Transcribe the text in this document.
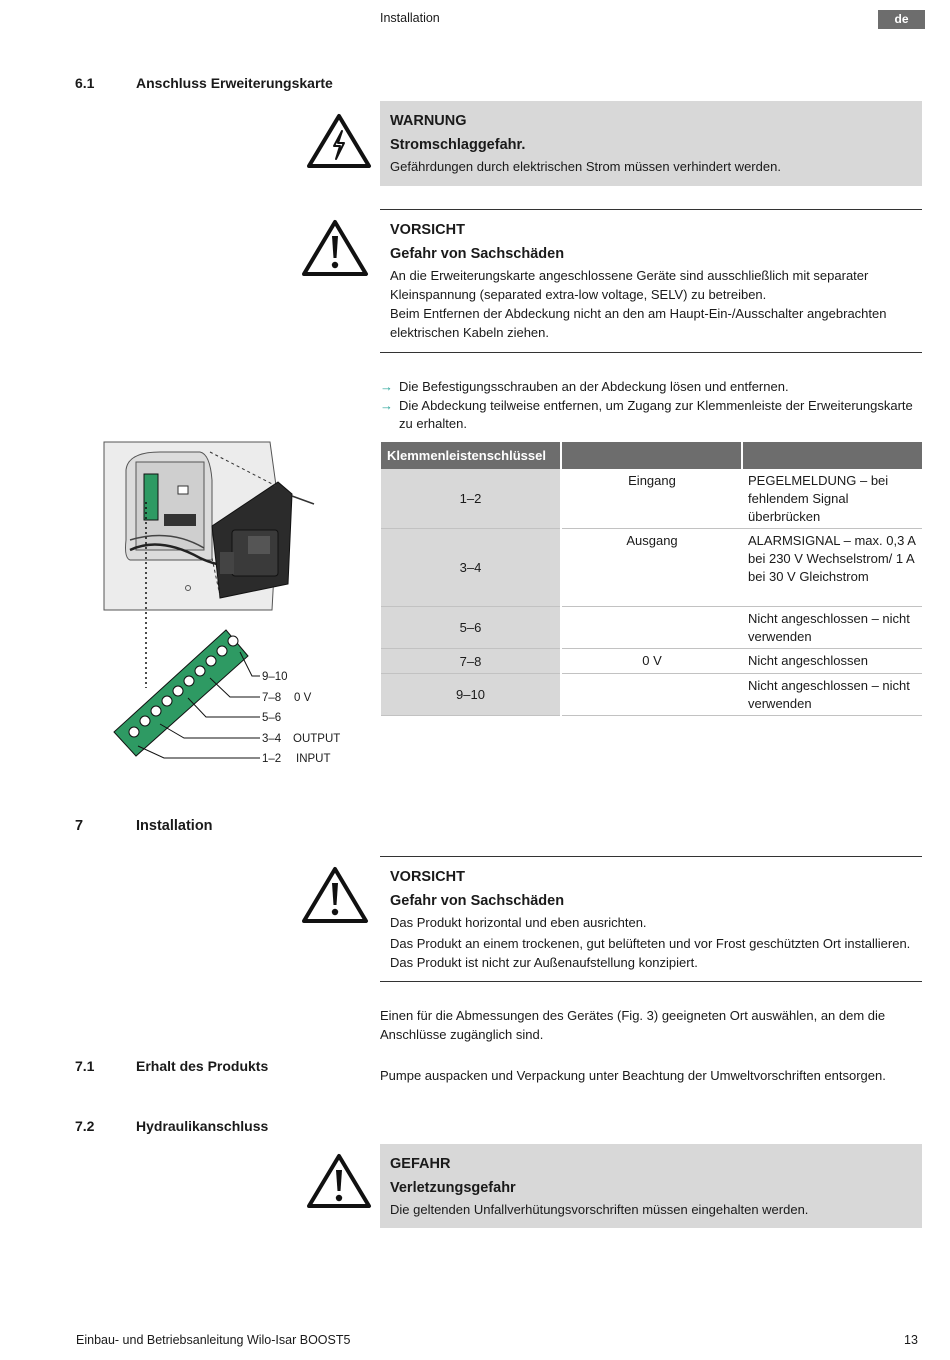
Installation	de
6.1	Anschluss Erweiterungskarte
WARNUNG
Stromschlaggefahr.

Gefährdungen durch elektrischen Strom müssen verhindert werden.

VORSICHT
Gefahr von Sachschäden

An die Erweiterungskarte angeschlossene Geräte sind ausschließlich mit separater Kleinspannung (separated extra-low voltage, SELV) zu betreiben.

Beim Entfernen der Abdeckung nicht an den am Haupt-Ein-/Ausschalter angebrachten elektrischen Kabeln ziehen.

→ Die Befestigungsschrauben an der Abdeckung lösen und entfernen.
→ Die Abdeckung teilweise entfernen, um Zugang zur Klemmenleiste der Erweiterungskarte zu erhalten.
9–10
7–8 0 V
5–6
3–4 OUTPUT
1–2 INPUT
Klemmenleistenschlüssel		
1–2	Eingang	PEGELMELDUNG – bei fehlendem Signal überbrücken
3–4	Ausgang	ALARMSIGNAL – max. 0,3 A bei 230 V Wechselstrom/ 1 A bei 30 V Gleichstrom
5–6		Nicht angeschlossen – nicht verwenden
7–8	0 V	Nicht angeschlossen
9–10		Nicht angeschlossen – nicht verwenden
7	Installation
VORSICHT
Gefahr von Sachschäden

Das Produkt horizontal und eben ausrichten.

Das Produkt an einem trockenen, gut belüfteten und vor Frost geschützten Ort installieren. Das Produkt ist nicht zur Außenaufstellung konzipiert.

Einen für die Abmessungen des Gerätes (Fig. 3) geeigneten Ort auswählen, an dem die Anschlüsse zugänglich sind.
7.1	Erhalt des Produkts
Pumpe auspacken und Verpackung unter Beachtung der Umweltvorschriften entsorgen.
7.2	Hydraulikanschluss
GEFAHR
Verletzungsgefahr

Die geltenden Unfallverhütungsvorschriften müssen eingehalten werden.

Einbau- und Betriebsanleitung Wilo-Isar BOOST5	13
